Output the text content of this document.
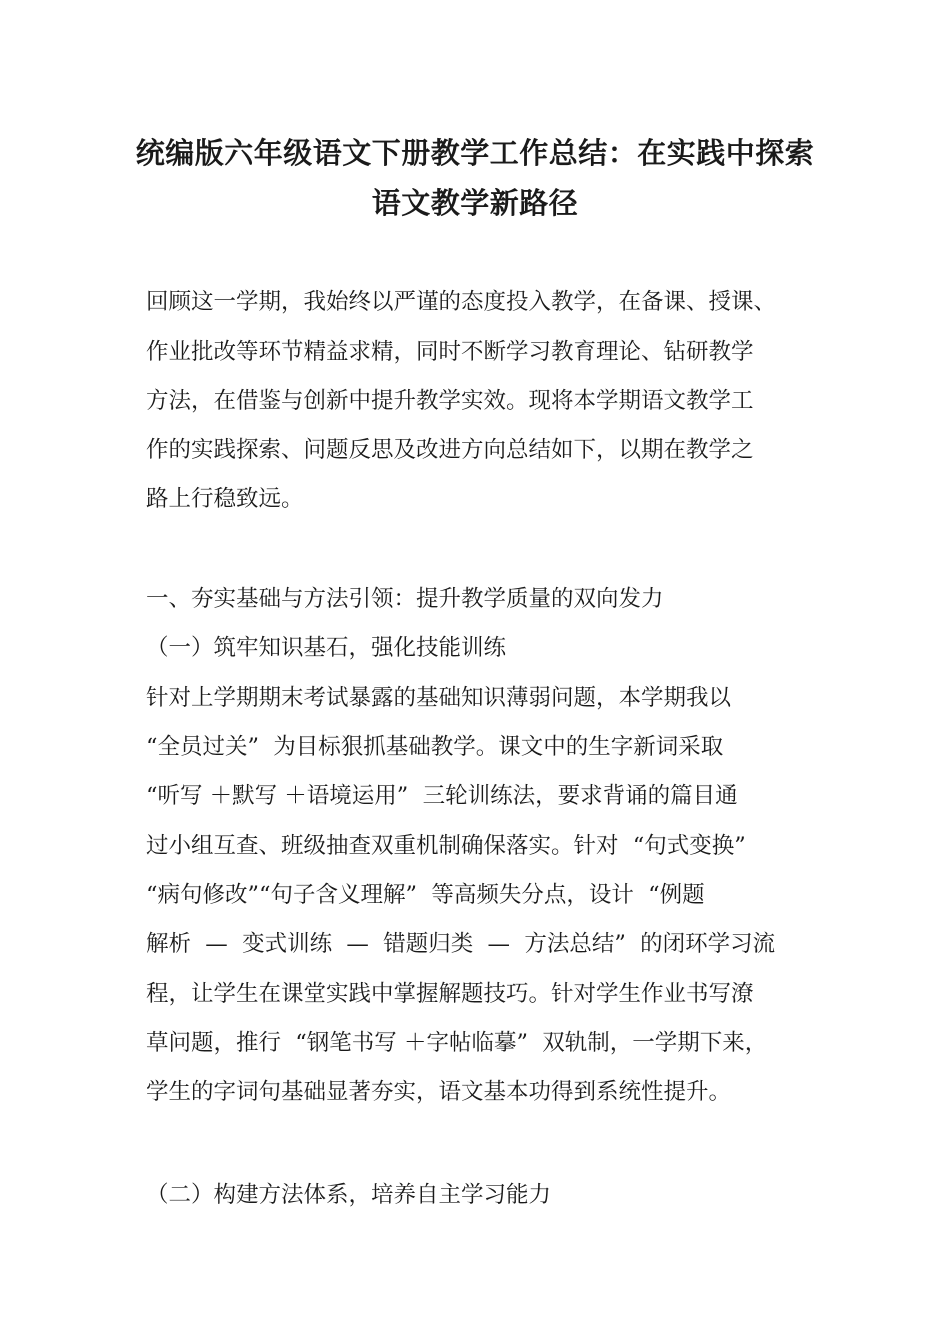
统编版六年级语文下册教学工作总结：在实践中探索
语文教学新路径

回顾这一学期，我始终以严谨的态度投入教学，在备课、授课、

作业批改等环节精益求精，同时不断学习教育理论、钻研教学

方法，在借鉴与创新中提升教学实效。现将本学期语文教学工

作的实践探索、问题反思及改进方向总结如下，以期在教学之

路上行稳致远。

一、夯实基础与方法引领：提升教学质量的双向发力

（一）筑牢知识基石，强化技能训练

针对上学期期末考试暴露的基础知识薄弱问题，本学期我以

“全员过关”  为目标狠抓基础教学。课文中的生字新词采取

“听写 ＋默写 ＋语境运用”  三轮训练法，要求背诵的篇目通

过小组互查、班级抽查双重机制确保落实。针对  “句式变换”

“病句修改”“句子含义理解”  等高频失分点，设计  “例题

解析  —  变式训练  —  错题归类  —  方法总结”  的闭环学习流

程，让学生在课堂实践中掌握解题技巧。针对学生作业书写潦

草问题，推行  “钢笔书写 ＋字帖临摹”  双轨制，一学期下来，

学生的字词句基础显著夯实，语文基本功得到系统性提升。

（二）构建方法体系，培养自主学习能力
